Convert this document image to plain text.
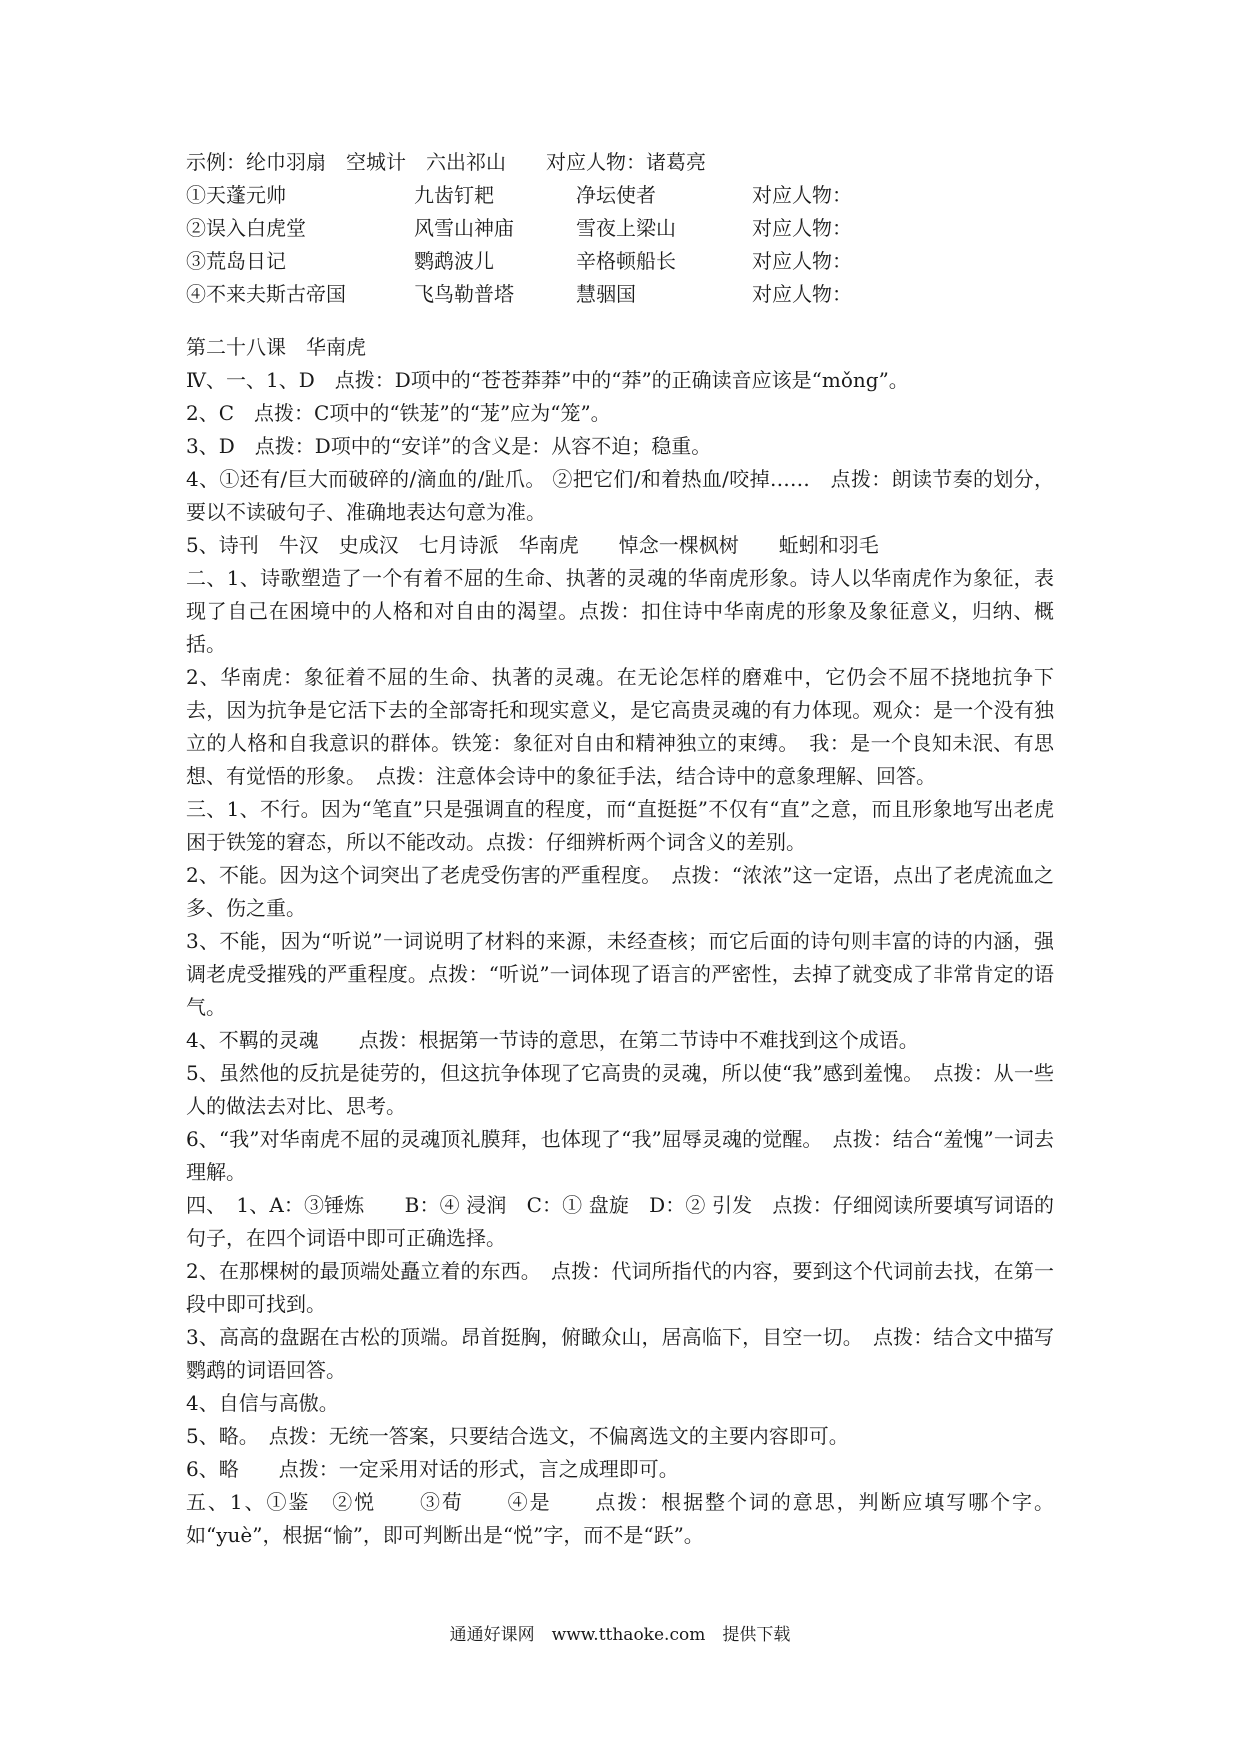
示例：纶巾羽扇　空城计　六出祁山　　对应人物：诸葛亮
①天蓬元帅	九齿钉耙	净坛使者	对应人物：
②误入白虎堂	风雪山神庙	雪夜上梁山	对应人物：
③荒岛日记	鹦鹉波儿	辛格顿船长	对应人物：
④不来夫斯古帝国	飞鸟勒普塔	慧骃国	对应人物：

第二十八课　华南虎

Ⅳ、一、1、D　点拨：D项中的“苍苍莽莽”中的“莽”的正确读音应该是“mǒng”。

2、C　点拨：C项中的“铁茏”的“茏”应为“笼”。

3、D　点拨：D项中的“安详”的含义是：从容不迫；稳重。

4、①还有/巨大而破碎的/滴血的/趾爪。 ②把它们/和着热血/咬掉……　点拨：朗读节奏的划分，要以不读破句子、准确地表达句意为准。

5、诗刊　牛汉　史成汉　七月诗派　华南虎　　悼念一棵枫树　　蚯蚓和羽毛

二、1、诗歌塑造了一个有着不屈的生命、执著的灵魂的华南虎形象。诗人以华南虎作为象征，表现了自己在困境中的人格和对自由的渴望。点拨：扣住诗中华南虎的形象及象征意义，归纳、概括。

2、华南虎：象征着不屈的生命、执著的灵魂。在无论怎样的磨难中，它仍会不屈不挠地抗争下去，因为抗争是它活下去的全部寄托和现实意义，是它高贵灵魂的有力体现。观众：是一个没有独立的人格和自我意识的群体。铁笼：象征对自由和精神独立的束缚。　我：是一个良知未泯、有思想、有觉悟的形象。　点拨：注意体会诗中的象征手法，结合诗中的意象理解、回答。

三、1、不行。因为“笔直”只是强调直的程度，而“直挺挺”不仅有“直”之意，而且形象地写出老虎困于铁笼的窘态，所以不能改动。点拨：仔细辨析两个词含义的差别。

2、不能。因为这个词突出了老虎受伤害的严重程度。　点拨：“浓浓”这一定语，点出了老虎流血之多、伤之重。

3、不能，因为“听说”一词说明了材料的来源，未经查核；而它后面的诗句则丰富的诗的内涵，强调老虎受摧残的严重程度。点拨：“听说”一词体现了语言的严密性，去掉了就变成了非常肯定的语气。

4、不羁的灵魂　　点拨：根据第一节诗的意思，在第二节诗中不难找到这个成语。

5、虽然他的反抗是徒劳的，但这抗争体现了它高贵的灵魂，所以使“我”感到羞愧。　点拨：从一些人的做法去对比、思考。

6、“我”对华南虎不屈的灵魂顶礼膜拜，也体现了“我”屈辱灵魂的觉醒。　点拨：结合“羞愧”一词去理解。

四、　1、A：③锤炼　　B：④ 浸润　C：① 盘旋　D：② 引发　点拨：仔细阅读所要填写词语的句子，在四个词语中即可正确选择。

2、在那棵树的最顶端处矗立着的东西。　点拨：代词所指代的内容，要到这个代词前去找，在第一段中即可找到。

3、高高的盘踞在古松的顶端。昂首挺胸，俯瞰众山，居高临下，目空一切。　点拨：结合文中描写鹦鹉的词语回答。

4、自信与高傲。

5、略。　点拨：无统一答案，只要结合选文，不偏离选文的主要内容即可。

6、略　　点拨：一定采用对话的形式，言之成理即可。

五、1、①鉴　②悦　　③荀　　④是　　点拨：根据整个词的意思，判断应填写哪个字。如“yuè”，根据“愉”，即可判断出是“悦”字，而不是“跃”。

通通好课网　www.tthaoke.com　提供下载
